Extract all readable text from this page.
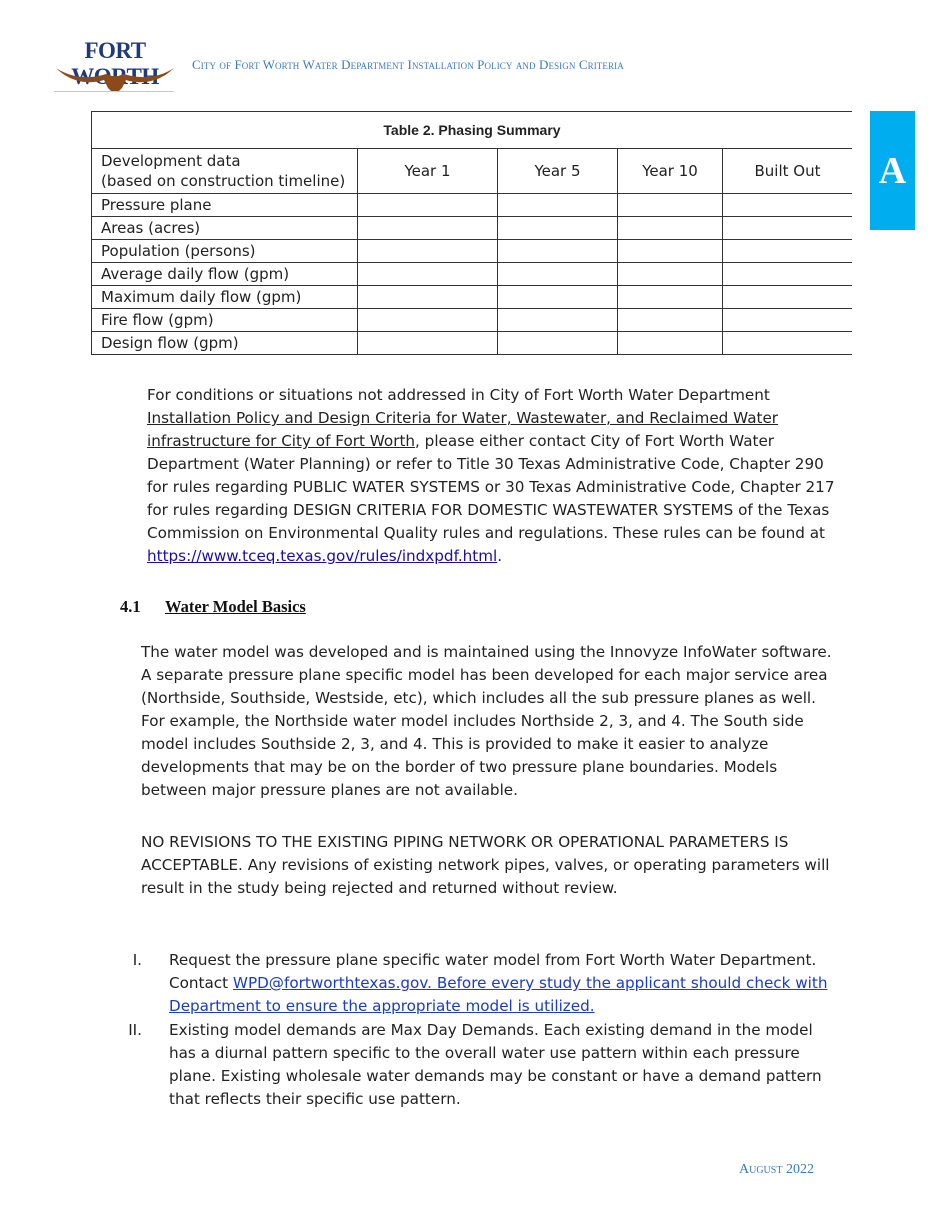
FORT
City of Fort Worth Water Department Installation Policy and Design Criteria
A
Table 2. Phasing Summary				

Development data
(based on construction timeline)	Year 1	Year 5	Year 10	Built Out
Pressure plane				
Areas (acres)				
Population (persons)				
Average daily flow (gpm)				
Maximum daily flow (gpm)				
Fire flow (gpm)				
Design flow (gpm)				

For conditions or situations not addressed in City of Fort Worth Water Department Installation Policy and Design Criteria for Water, Wastewater, and Reclaimed Water infrastructure for City of Fort Worth, please either contact City of Fort Worth Water Department (Water Planning) or refer to Title 30 Texas Administrative Code, Chapter 290 for rules regarding PUBLIC WATER SYSTEMS or 30 Texas Administrative Code, Chapter 217 for rules regarding DESIGN CRITERIA FOR DOMESTIC WASTEWATER SYSTEMS of the Texas Commission on Environmental Quality rules and regulations. These rules can be found at https://www.tceq.texas.gov/rules/indxpdf.html.

4.1 Water Model Basics

The water model was developed and is maintained using the Innovyze InfoWater software. A separate pressure plane specific model has been developed for each major service area (Northside, Southside, Westside, etc), which includes all the sub pressure planes as well. For example, the Northside water model includes Northside 2, 3, and 4. The South side model includes Southside 2, 3, and 4. This is provided to make it easier to analyze developments that may be on the border of two pressure plane boundaries. Models between major pressure planes are not available.

NO REVISIONS TO THE EXISTING PIPING NETWORK OR OPERATIONAL PARAMETERS IS ACCEPTABLE. Any revisions of existing network pipes, valves, or operating parameters will result in the study being rejected and returned without review.

I. Request the pressure plane specific water model from Fort Worth Water Department. Contact WPD@fortworthtexas.gov. Before every study the applicant should check with Department to ensure the appropriate model is utilized.

II. Existing model demands are Max Day Demands. Each existing demand in the model has a diurnal pattern specific to the overall water use pattern within each pressure plane. Existing wholesale water demands may be constant or have a demand pattern that reflects their specific use pattern.

August 2022
